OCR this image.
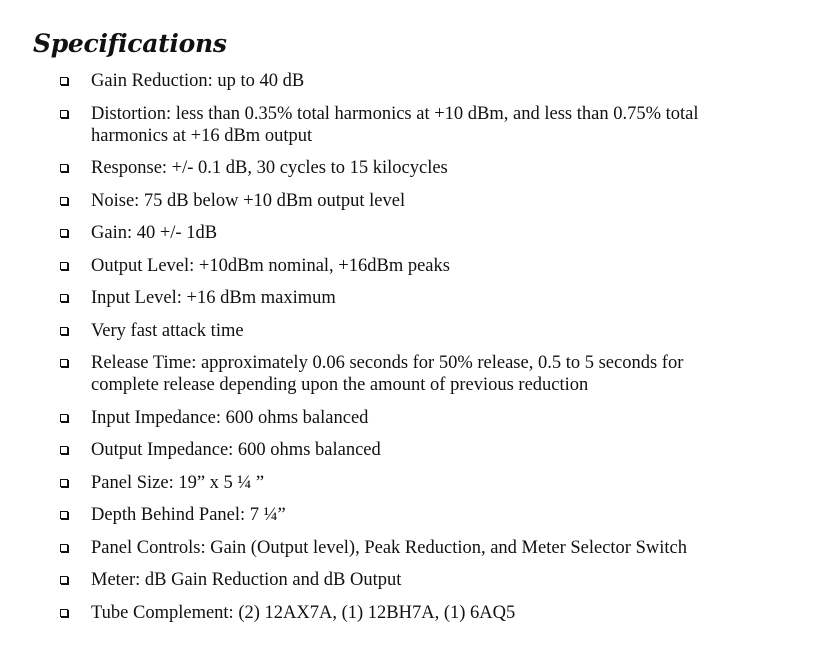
Specifications
Gain Reduction: up to 40 dB
Distortion: less than 0.35% total harmonics at +10 dBm, and less than 0.75% total harmonics at +16 dBm output
Response: +/- 0.1 dB, 30 cycles to 15 kilocycles
Noise: 75 dB below +10 dBm output level
Gain: 40 +/- 1dB
Output Level: +10dBm nominal, +16dBm peaks
Input Level: +16 dBm maximum
Very fast attack time
Release Time: approximately 0.06 seconds for 50% release, 0.5 to 5 seconds for complete release depending upon the amount of previous reduction
Input Impedance: 600 ohms balanced
Output Impedance: 600 ohms balanced
Panel Size: 19” x 5 ¼ ”
Depth Behind Panel: 7 ¼”
Panel Controls: Gain (Output level), Peak Reduction, and Meter Selector Switch
Meter: dB Gain Reduction and dB Output
Tube Complement: (2) 12AX7A, (1) 12BH7A, (1) 6AQ5
